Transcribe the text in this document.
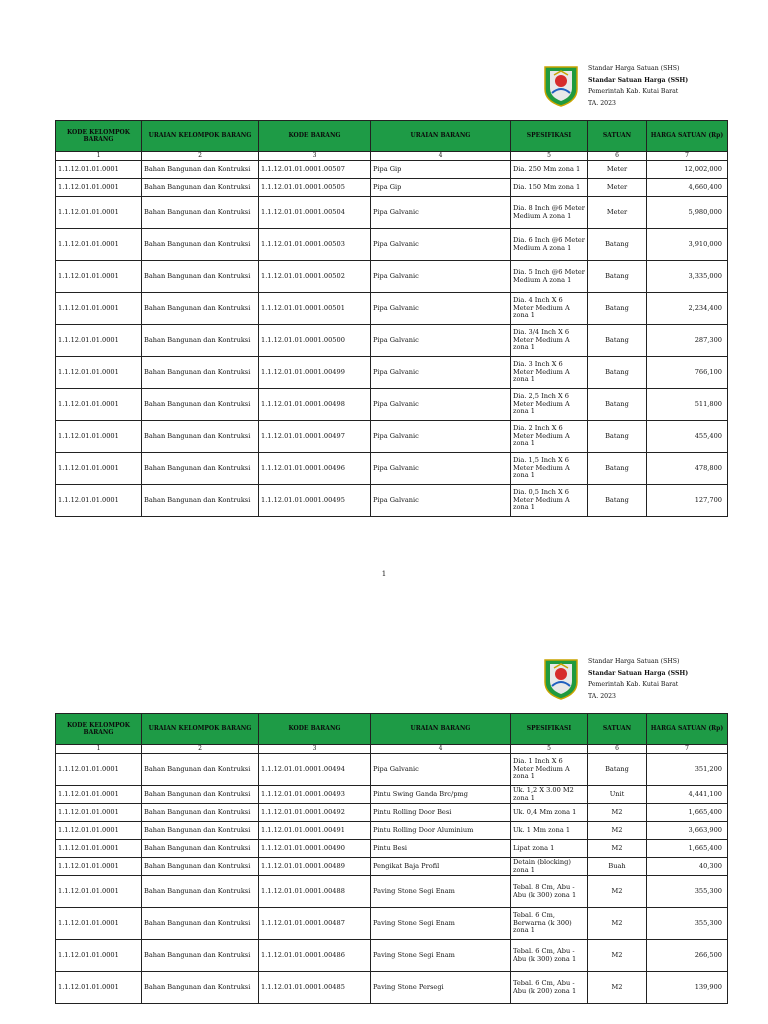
Standar Harga Satuan (SHS)
Standar Satuan Harga (SSH)
Pemerintah Kab. Kutai Barat
TA. 2023
KODE KELOMPOK BARANG	URAIAN KELOMPOK BARANG	KODE BARANG	URAIAN BARANG	SPESIFIKASI	SATUAN	HARGA SATUAN (Rp)
1	2	3	4	5	6	7
1.1.12.01.01.0001	Bahan Bangunan dan Kontruksi	1.1.12.01.01.0001.00507	Pipa Gip	Dia. 250 Mm zona 1	Meter	12,002,000
1.1.12.01.01.0001	Bahan Bangunan dan Kontruksi	1.1.12.01.01.0001.00505	Pipa Gip	Dia. 150 Mm zona 1	Meter	4,660,400
1.1.12.01.01.0001	Bahan Bangunan dan Kontruksi	1.1.12.01.01.0001.00504	Pipa Galvanic	Dia. 8 Inch @6 Meter Medium A zona 1	Meter	5,980,000
1.1.12.01.01.0001	Bahan Bangunan dan Kontruksi	1.1.12.01.01.0001.00503	Pipa Galvanic	Dia. 6 Inch @6 Meter Medium A zona 1	Batang	3,910,000
1.1.12.01.01.0001	Bahan Bangunan dan Kontruksi	1.1.12.01.01.0001.00502	Pipa Galvanic	Dia. 5 Inch @6 Meter Medium A zona 1	Batang	3,335,000
1.1.12.01.01.0001	Bahan Bangunan dan Kontruksi	1.1.12.01.01.0001.00501	Pipa Galvanic	Dia. 4 Inch X 6 Meter Medium A zona 1	Batang	2,234,400
1.1.12.01.01.0001	Bahan Bangunan dan Kontruksi	1.1.12.01.01.0001.00500	Pipa Galvanic	Dia. 3/4 Inch X 6 Meter Medium A zona 1	Batang	287,300
1.1.12.01.01.0001	Bahan Bangunan dan Kontruksi	1.1.12.01.01.0001.00499	Pipa Galvanic	Dia. 3 Inch X 6 Meter Medium A zona 1	Batang	766,100
1.1.12.01.01.0001	Bahan Bangunan dan Kontruksi	1.1.12.01.01.0001.00498	Pipa Galvanic	Dia. 2,5 Inch X 6 Meter Medium A zona 1	Batang	511,800
1.1.12.01.01.0001	Bahan Bangunan dan Kontruksi	1.1.12.01.01.0001.00497	Pipa Galvanic	Dia. 2 Inch X 6 Meter Medium A zona 1	Batang	455,400
1.1.12.01.01.0001	Bahan Bangunan dan Kontruksi	1.1.12.01.01.0001.00496	Pipa Galvanic	Dia. 1,5 Inch X 6 Meter Medium A zona 1	Batang	478,800
1.1.12.01.01.0001	Bahan Bangunan dan Kontruksi	1.1.12.01.01.0001.00495	Pipa Galvanic	Dia. 0,5 Inch X 6 Meter Medium A zona 1	Batang	127,700
1
Standar Harga Satuan (SHS)
Standar Satuan Harga (SSH)
Pemerintah Kab. Kutai Barat
TA. 2023
KODE KELOMPOK BARANG	URAIAN KELOMPOK BARANG	KODE BARANG	URAIAN BARANG	SPESIFIKASI	SATUAN	HARGA SATUAN (Rp)
1	2	3	4	5	6	7
1.1.12.01.01.0001	Bahan Bangunan dan Kontruksi	1.1.12.01.01.0001.00494	Pipa Galvanic	Dia. 1 Inch X 6 Meter Medium A zona 1	Batang	351,200
1.1.12.01.01.0001	Bahan Bangunan dan Kontruksi	1.1.12.01.01.0001.00493	Pintu Swing Ganda Brc/pmg	Uk. 1,2 X 3.00 M2 zona 1	Unit	4,441,100
1.1.12.01.01.0001	Bahan Bangunan dan Kontruksi	1.1.12.01.01.0001.00492	Pintu Rolling Door Besi	Uk. 0,4 Mm zona 1	M2	1,665,400
1.1.12.01.01.0001	Bahan Bangunan dan Kontruksi	1.1.12.01.01.0001.00491	Pintu Rolling Door Aluminium	Uk. 1 Mm zona 1	M2	3,663,900
1.1.12.01.01.0001	Bahan Bangunan dan Kontruksi	1.1.12.01.01.0001.00490	Pintu Besi	Lipat zona 1	M2	1,665,400
1.1.12.01.01.0001	Bahan Bangunan dan Kontruksi	1.1.12.01.01.0001.00489	Pengikat Baja Profil	Detain (blocking) zona 1	Buah	40,300
1.1.12.01.01.0001	Bahan Bangunan dan Kontruksi	1.1.12.01.01.0001.00488	Paving Stone Segi Enam	Tebal. 8 Cm, Abu - Abu (k 300) zona 1	M2	355,300
1.1.12.01.01.0001	Bahan Bangunan dan Kontruksi	1.1.12.01.01.0001.00487	Paving Stone Segi Enam	Tebal. 6 Cm, Berwarna (k 300) zona 1	M2	355,300
1.1.12.01.01.0001	Bahan Bangunan dan Kontruksi	1.1.12.01.01.0001.00486	Paving Stone Segi Enam	Tebal. 6 Cm, Abu - Abu (k 300) zona 1	M2	266,500
1.1.12.01.01.0001	Bahan Bangunan dan Kontruksi	1.1.12.01.01.0001.00485	Paving Stone Persegi	Tebal. 6 Cm, Abu - Abu (k 200) zona 1	M2	139,900
